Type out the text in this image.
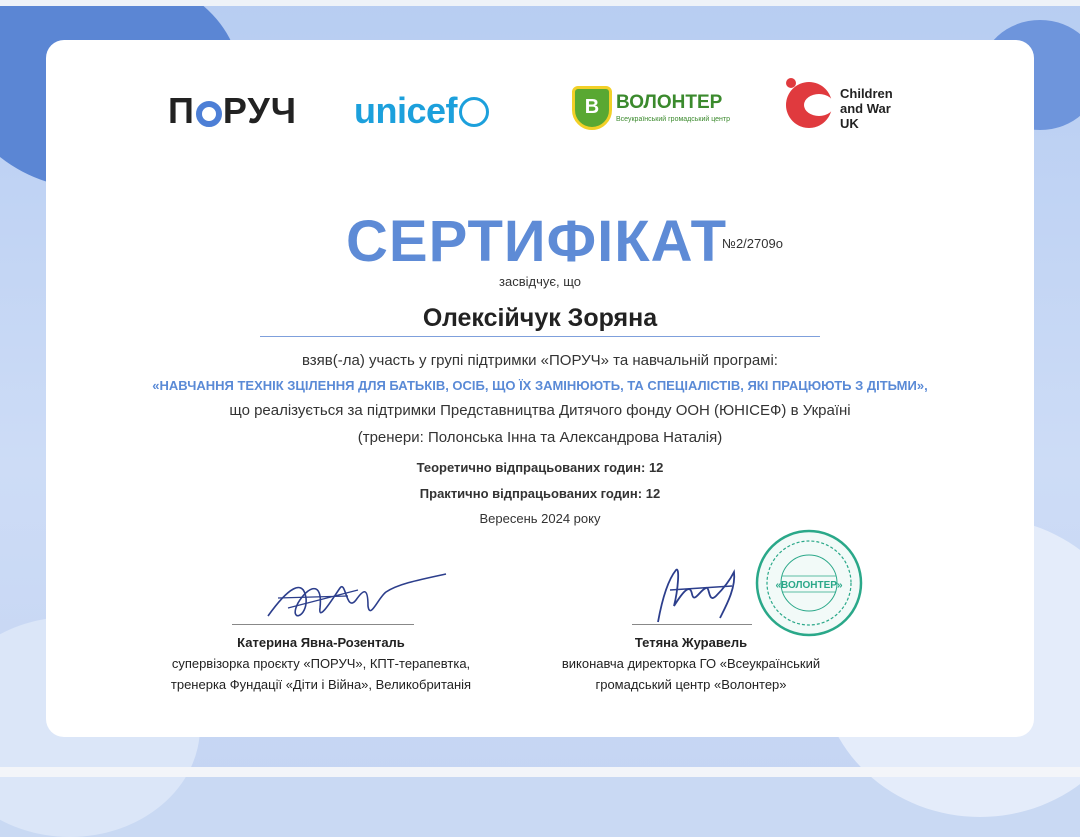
П РУЧ unicef	В ВОЛОНТЕР
Всеукраїнський громадський центр
Children
and War
UK
СЕРТИФІКАТ
№2/2709о
засвідчує, що
Олексійчук Зоряна
взяв(-ла) участь у групі підтримки «ПОРУЧ» та навчальній програмі:
«НАВЧАННЯ ТЕХНІК ЗЦІЛЕННЯ ДЛЯ БАТЬКІВ, ОСІБ, ЩО ЇХ ЗАМІНЮЮТЬ, ТА СПЕЦІАЛІСТІВ, ЯКІ ПРАЦЮЮТЬ З ДІТЬМИ»,
що реалізується за підтримки Представництва Дитячого фонду ООН (ЮНІСЕФ) в Україні
(тренери: Полонська Інна та Александрова Наталія)
Теоретично відпрацьованих годин: 12
Практично відпрацьованих годин: 12
Вересень 2024 року
«ВОЛОНТЕР»
Катерина Явна-Розенталь
супервізорка проєкту «ПОРУЧ», КПТ-терапевтка,
тренерка Фундації «Діти і Війна», Великобританія
Тетяна Журавель
виконавча директорка ГО «Всеукраїнський
громадський центр «Волонтер»
